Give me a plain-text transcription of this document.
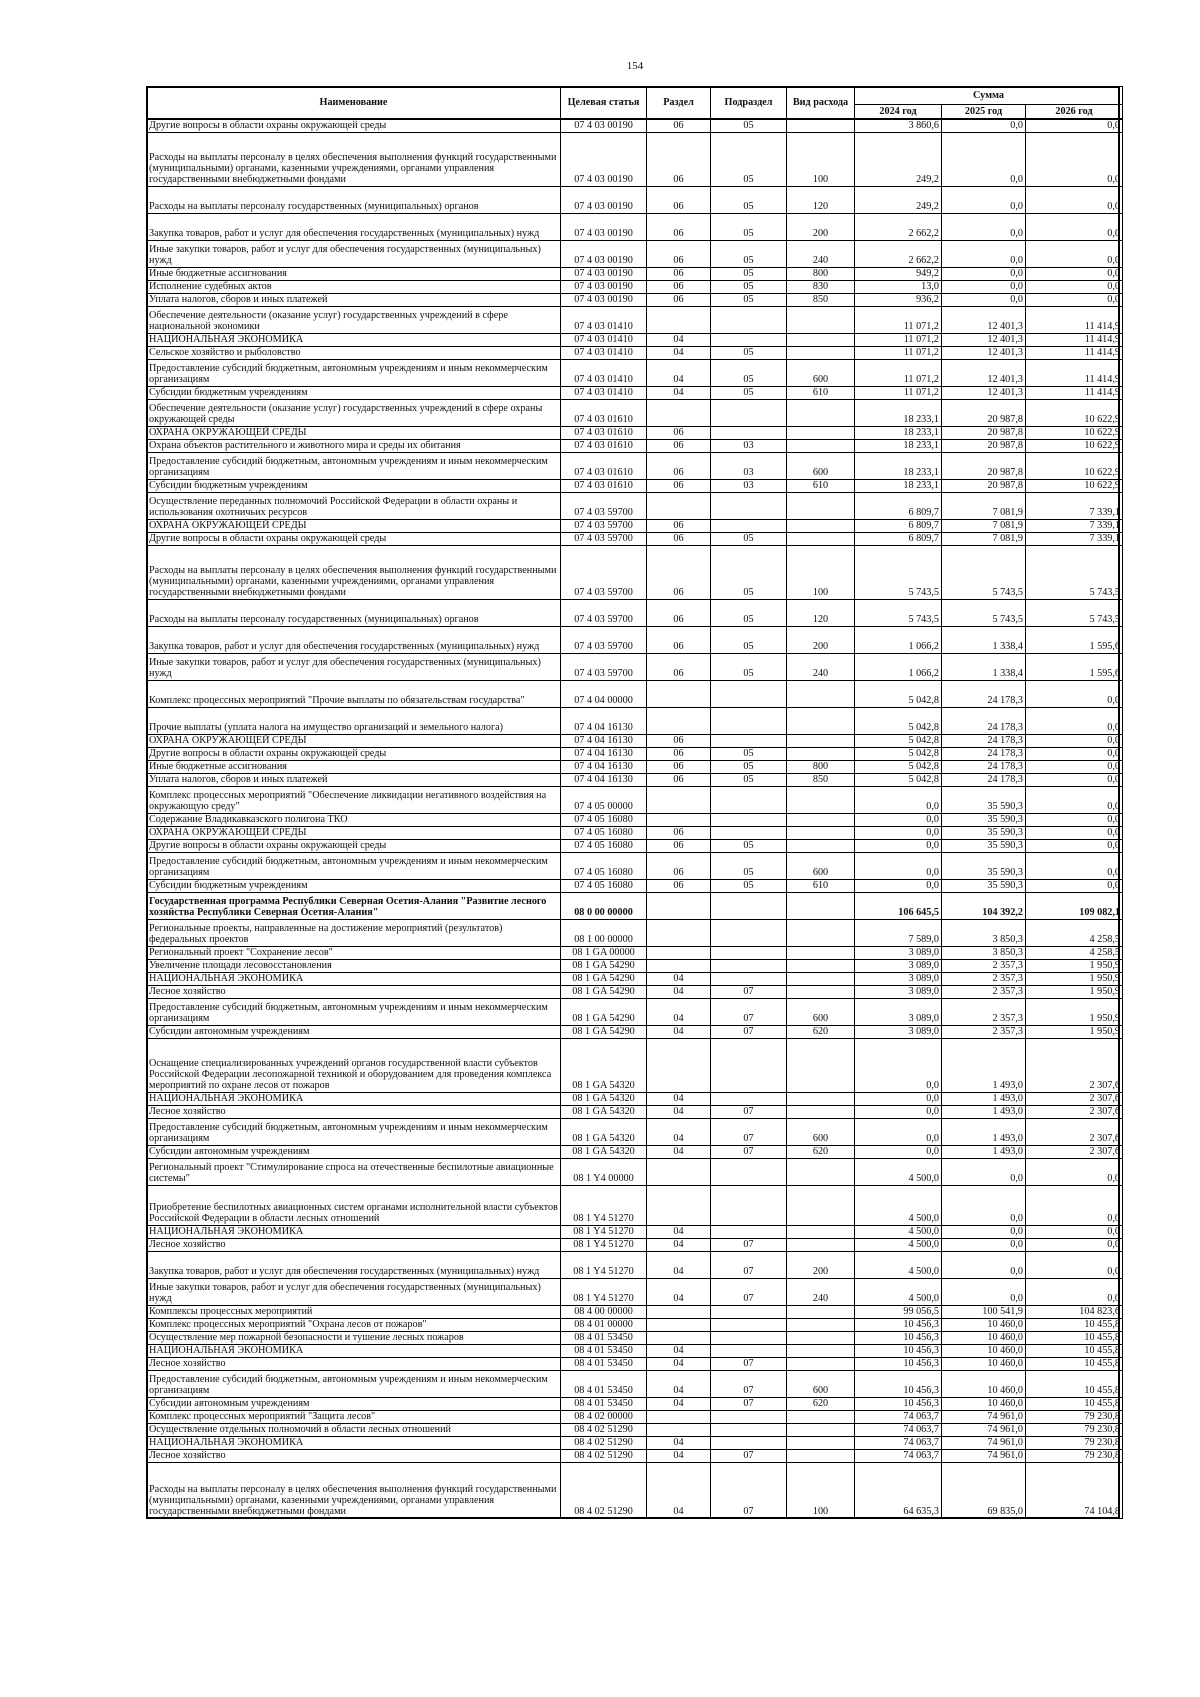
154
Наименование	Целевая статья	Раздел	Подраздел	Вид расхода	Сумма		
					2024 год	2025 год	2026 год
Другие вопросы в области охраны окружающей среды	07 4 03 00190	06	05		3 860,6	0,0	0,0
Расходы на выплаты персоналу в целях обеспечения выполнения функций государственными (муниципальными) органами, казенными учреждениями, органами управления государственными внебюджетными фондами	07 4 03 00190	06	05	100	249,2	0,0	0,0
Расходы на выплаты персоналу государственных (муниципальных) органов	07 4 03 00190	06	05	120	249,2	0,0	0,0
Закупка товаров, работ и услуг для обеспечения государственных (муниципальных) нужд	07 4 03 00190	06	05	200	2 662,2	0,0	0,0
Иные закупки товаров, работ и услуг для обеспечения государственных (муниципальных) нужд	07 4 03 00190	06	05	240	2 662,2	0,0	0,0
Иные бюджетные ассигнования	07 4 03 00190	06	05	800	949,2	0,0	0,0
Исполнение судебных актов	07 4 03 00190	06	05	830	13,0	0,0	0,0
Уплата налогов, сборов и иных платежей	07 4 03 00190	06	05	850	936,2	0,0	0,0
Обеспечение деятельности (оказание услуг) государственных учреждений в сфере национальной экономики	07 4 03 01410				11 071,2	12 401,3	11 414,9
НАЦИОНАЛЬНАЯ ЭКОНОМИКА	07 4 03 01410	04			11 071,2	12 401,3	11 414,9
Сельское хозяйство и рыболовство	07 4 03 01410	04	05		11 071,2	12 401,3	11 414,9
Предоставление субсидий бюджетным, автономным учреждениям и иным некоммерческим организациям	07 4 03 01410	04	05	600	11 071,2	12 401,3	11 414,9
Субсидии бюджетным учреждениям	07 4 03 01410	04	05	610	11 071,2	12 401,3	11 414,9
Обеспечение деятельности (оказание услуг) государственных учреждений в сфере охраны окружающей среды	07 4 03 01610				18 233,1	20 987,8	10 622,9
ОХРАНА ОКРУЖАЮЩЕЙ СРЕДЫ	07 4 03 01610	06			18 233,1	20 987,8	10 622,9
Охрана объектов растительного и животного мира и среды их обитания	07 4 03 01610	06	03		18 233,1	20 987,8	10 622,9
Предоставление субсидий бюджетным, автономным учреждениям и иным некоммерческим организациям	07 4 03 01610	06	03	600	18 233,1	20 987,8	10 622,9
Субсидии бюджетным учреждениям	07 4 03 01610	06	03	610	18 233,1	20 987,8	10 622,9
Осуществление переданных полномочий Российской Федерации в области охраны и использования охотничьих ресурсов	07 4 03 59700				6 809,7	7 081,9	7 339,1
ОХРАНА ОКРУЖАЮЩЕЙ СРЕДЫ	07 4 03 59700	06			6 809,7	7 081,9	7 339,1
Другие вопросы в области охраны окружающей среды	07 4 03 59700	06	05		6 809,7	7 081,9	7 339,1
Расходы на выплаты персоналу в целях обеспечения выполнения функций государственными (муниципальными) органами, казенными учреждениями, органами управления государственными внебюджетными фондами	07 4 03 59700	06	05	100	5 743,5	5 743,5	5 743,5
Расходы на выплаты персоналу государственных (муниципальных) органов	07 4 03 59700	06	05	120	5 743,5	5 743,5	5 743,5
Закупка товаров, работ и услуг для обеспечения государственных (муниципальных) нужд	07 4 03 59700	06	05	200	1 066,2	1 338,4	1 595,6
Иные закупки товаров, работ и услуг для обеспечения государственных (муниципальных) нужд	07 4 03 59700	06	05	240	1 066,2	1 338,4	1 595,6
Комплекс процессных мероприятий "Прочие выплаты по обязательствам государства"	07 4 04 00000				5 042,8	24 178,3	0,0
Прочие выплаты (уплата налога на имущество организаций и земельного налога)	07 4 04 16130				5 042,8	24 178,3	0,0
ОХРАНА ОКРУЖАЮЩЕЙ СРЕДЫ	07 4 04 16130	06			5 042,8	24 178,3	0,0
Другие вопросы в области охраны окружающей среды	07 4 04 16130	06	05		5 042,8	24 178,3	0,0
Иные бюджетные ассигнования	07 4 04 16130	06	05	800	5 042,8	24 178,3	0,0
Уплата налогов, сборов и иных платежей	07 4 04 16130	06	05	850	5 042,8	24 178,3	0,0
Комплекс процессных мероприятий "Обеспечение ликвидации негативного воздействия на окружающую среду"	07 4 05 00000				0,0	35 590,3	0,0
Содержание Владикавказского полигона ТКО	07 4 05 16080				0,0	35 590,3	0,0
ОХРАНА ОКРУЖАЮЩЕЙ СРЕДЫ	07 4 05 16080	06			0,0	35 590,3	0,0
Другие вопросы в области охраны окружающей среды	07 4 05 16080	06	05		0,0	35 590,3	0,0
Предоставление субсидий бюджетным, автономным учреждениям и иным некоммерческим организациям	07 4 05 16080	06	05	600	0,0	35 590,3	0,0
Субсидии бюджетным учреждениям	07 4 05 16080	06	05	610	0,0	35 590,3	0,0
Государственная программа Республики Северная Осетия-Алания "Развитие лесного хозяйства Республики Северная Осетия-Алания"	08 0 00 00000				106 645,5	104 392,2	109 082,1
Региональные проекты, направленные на достижение мероприятий (результатов) федеральных проектов	08 1 00 00000				7 589,0	3 850,3	4 258,5
Региональный проект "Сохранение лесов"	08 1 GA 00000				3 089,0	3 850,3	4 258,5
Увеличение площади лесовосстановления	08 1 GA 54290				3 089,0	2 357,3	1 950,9
НАЦИОНАЛЬНАЯ ЭКОНОМИКА	08 1 GA 54290	04			3 089,0	2 357,3	1 950,9
Лесное хозяйство	08 1 GA 54290	04	07		3 089,0	2 357,3	1 950,9
Предоставление субсидий бюджетным, автономным учреждениям и иным некоммерческим организациям	08 1 GA 54290	04	07	600	3 089,0	2 357,3	1 950,9
Субсидии автономным учреждениям	08 1 GA 54290	04	07	620	3 089,0	2 357,3	1 950,9
Оснащение специализированных учреждений органов государственной власти субъектов Российской Федерации лесопожарной техникой и оборудованием для проведения комплекса мероприятий по охране лесов от пожаров	08 1 GA 54320				0,0	1 493,0	2 307,6
НАЦИОНАЛЬНАЯ ЭКОНОМИКА	08 1 GA 54320	04			0,0	1 493,0	2 307,6
Лесное хозяйство	08 1 GA 54320	04	07		0,0	1 493,0	2 307,6
Предоставление субсидий бюджетным, автономным учреждениям и иным некоммерческим организациям	08 1 GA 54320	04	07	600	0,0	1 493,0	2 307,6
Субсидии автономным учреждениям	08 1 GA 54320	04	07	620	0,0	1 493,0	2 307,6
Региональный проект "Стимулирование спроса на отечественные беспилотные авиационные системы"	08 1 Y4 00000				4 500,0	0,0	0,0
Приобретение беспилотных авиационных систем органами исполнительной власти субъектов Российской Федерации в области лесных отношений	08 1 Y4 51270				4 500,0	0,0	0,0
НАЦИОНАЛЬНАЯ ЭКОНОМИКА	08 1 Y4 51270	04			4 500,0	0,0	0,0
Лесное хозяйство	08 1 Y4 51270	04	07		4 500,0	0,0	0,0
Закупка товаров, работ и услуг для обеспечения государственных (муниципальных) нужд	08 1 Y4 51270	04	07	200	4 500,0	0,0	0,0
Иные закупки товаров, работ и услуг для обеспечения государственных (муниципальных) нужд	08 1 Y4 51270	04	07	240	4 500,0	0,0	0,0
Комплексы процессных мероприятий	08 4 00 00000				99 056,5	100 541,9	104 823,6
Комплекс процессных мероприятий "Охрана лесов от пожаров"	08 4 01 00000				10 456,3	10 460,0	10 455,8
Осуществление мер пожарной безопасности и тушение лесных пожаров	08 4 01 53450				10 456,3	10 460,0	10 455,8
НАЦИОНАЛЬНАЯ ЭКОНОМИКА	08 4 01 53450	04			10 456,3	10 460,0	10 455,8
Лесное хозяйство	08 4 01 53450	04	07		10 456,3	10 460,0	10 455,8
Предоставление субсидий бюджетным, автономным учреждениям и иным некоммерческим организациям	08 4 01 53450	04	07	600	10 456,3	10 460,0	10 455,8
Субсидии автономным учреждениям	08 4 01 53450	04	07	620	10 456,3	10 460,0	10 455,8
Комплекс процессных мероприятий "Защита лесов"	08 4 02 00000				74 063,7	74 961,0	79 230,8
Осуществление отдельных полномочий в области лесных отношений	08 4 02 51290				74 063,7	74 961,0	79 230,8
НАЦИОНАЛЬНАЯ ЭКОНОМИКА	08 4 02 51290	04			74 063,7	74 961,0	79 230,8
Лесное хозяйство	08 4 02 51290	04	07		74 063,7	74 961,0	79 230,8
Расходы на выплаты персоналу в целях обеспечения выполнения функций государственными (муниципальными) органами, казенными учреждениями, органами управления государственными внебюджетными фондами	08 4 02 51290	04	07	100	64 635,3	69 835,0	74 104,8
